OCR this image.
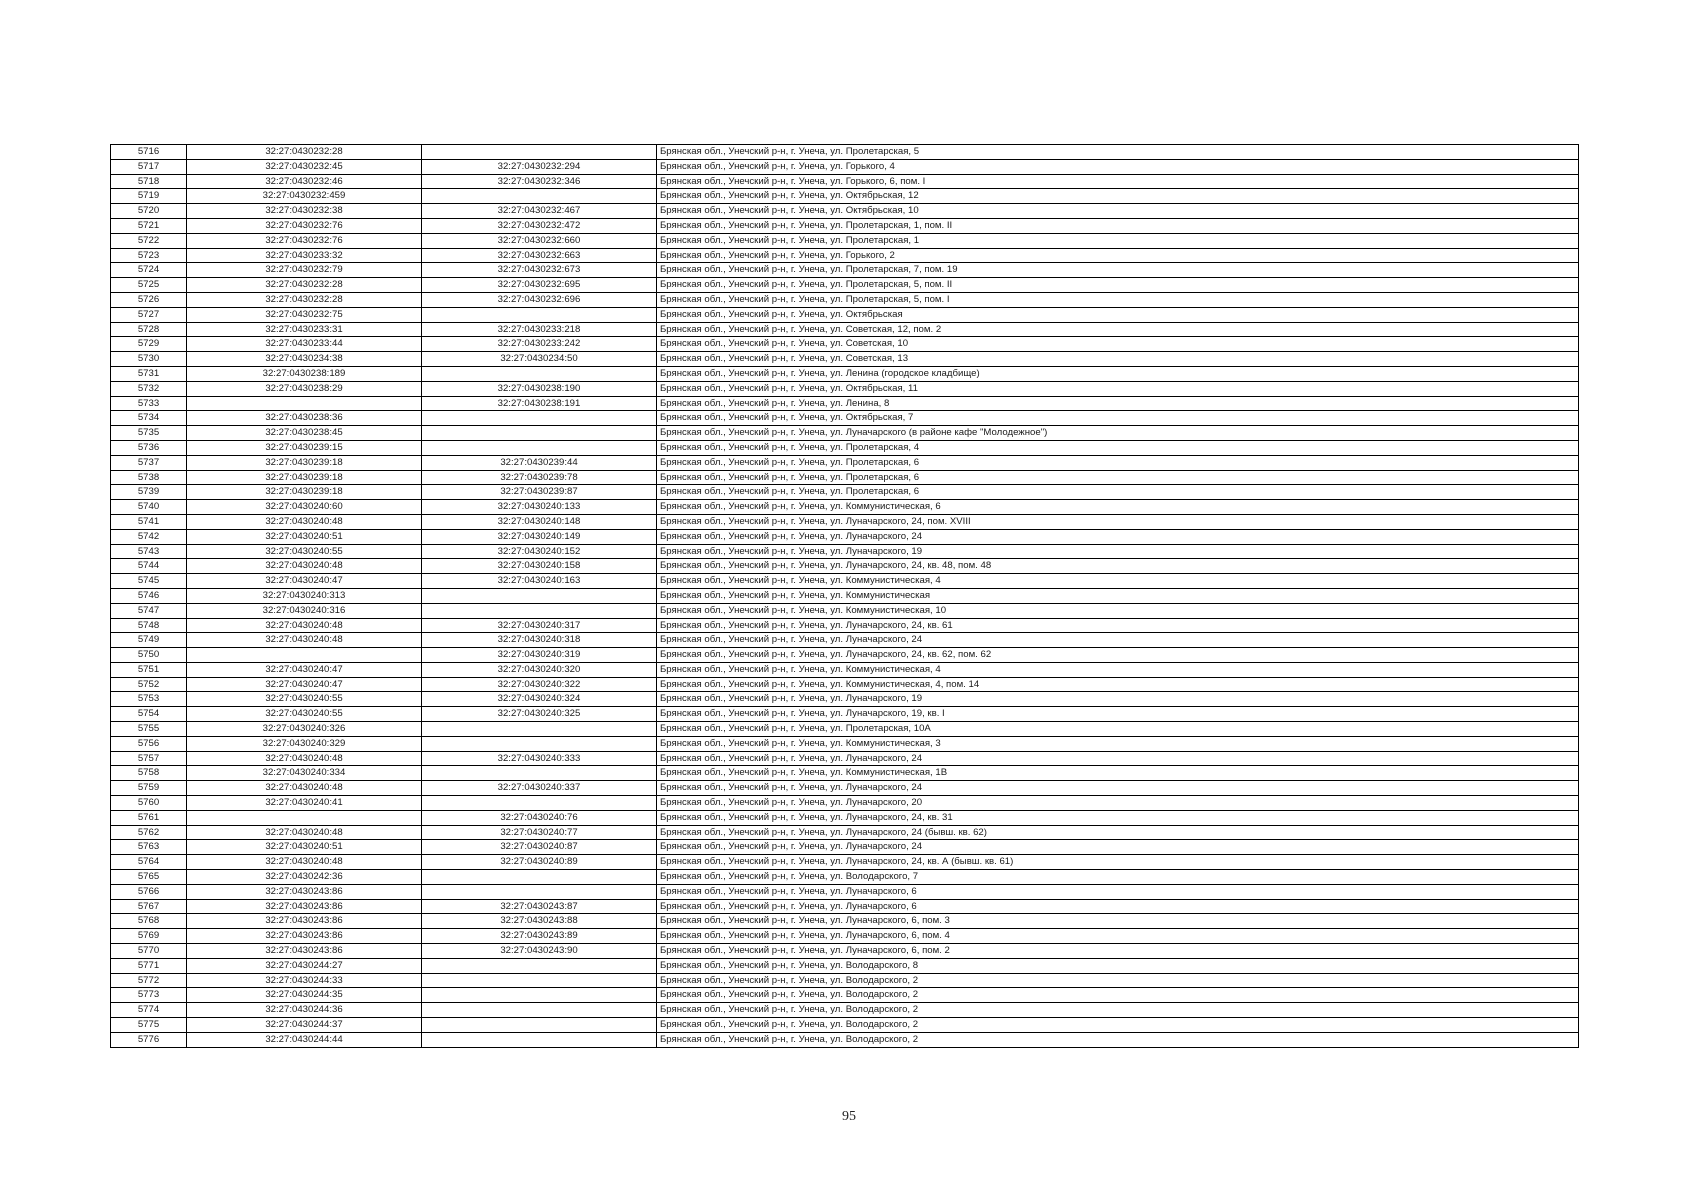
5716	32:27:0430232:28		Брянская обл., Унечский р-н, г. Унеча, ул. Пролетарская, 5
5717	32:27:0430232:45	32:27:0430232:294	Брянская обл., Унечский р-н, г. Унеча, ул. Горького, 4
5718	32:27:0430232:46	32:27:0430232:346	Брянская обл., Унечский р-н, г. Унеча, ул. Горького, 6, пом. I
5719	32:27:0430232:459		Брянская обл., Унечский р-н, г. Унеча, ул. Октябрьская, 12
5720	32:27:0430232:38	32:27:0430232:467	Брянская обл., Унечский р-н, г. Унеча, ул. Октябрьская, 10
5721	32:27:0430232:76	32:27:0430232:472	Брянская обл., Унечский р-н, г. Унеча, ул. Пролетарская, 1, пом. II
5722	32:27:0430232:76	32:27:0430232:660	Брянская обл., Унечский р-н, г. Унеча, ул. Пролетарская, 1
5723	32:27:0430233:32	32:27:0430232:663	Брянская обл., Унечский р-н, г. Унеча, ул. Горького, 2
5724	32:27:0430232:79	32:27:0430232:673	Брянская обл., Унечский р-н, г. Унеча, ул. Пролетарская, 7, пом. 19
5725	32:27:0430232:28	32:27:0430232:695	Брянская обл., Унечский р-н, г. Унеча, ул. Пролетарская, 5, пом. II
5726	32:27:0430232:28	32:27:0430232:696	Брянская обл., Унечский р-н, г. Унеча, ул. Пролетарская, 5, пом. I
5727	32:27:0430232:75		Брянская обл., Унечский р-н, г. Унеча, ул. Октябрьская
5728	32:27:0430233:31	32:27:0430233:218	Брянская обл., Унечский р-н, г. Унеча, ул. Советская, 12, пом. 2
5729	32:27:0430233:44	32:27:0430233:242	Брянская обл., Унечский р-н, г. Унеча, ул. Советская, 10
5730	32:27:0430234:38	32:27:0430234:50	Брянская обл., Унечский р-н, г. Унеча, ул. Советская, 13
5731	32:27:0430238:189		Брянская обл., Унечский р-н, г. Унеча, ул. Ленина (городское кладбище)
5732	32:27:0430238:29	32:27:0430238:190	Брянская обл., Унечский р-н, г. Унеча, ул. Октябрьская, 11
5733		32:27:0430238:191	Брянская обл., Унечский р-н, г. Унеча, ул. Ленина, 8
5734	32:27:0430238:36		Брянская обл., Унечский р-н, г. Унеча, ул. Октябрьская, 7
5735	32:27:0430238:45		Брянская обл., Унечский р-н, г. Унеча, ул. Луначарского (в районе кафе "Молодежное")
5736	32:27:0430239:15		Брянская обл., Унечский р-н, г. Унеча, ул. Пролетарская, 4
5737	32:27:0430239:18	32:27:0430239:44	Брянская обл., Унечский р-н, г. Унеча, ул. Пролетарская, 6
5738	32:27:0430239:18	32:27:0430239:78	Брянская обл., Унечский р-н, г. Унеча, ул. Пролетарская, 6
5739	32:27:0430239:18	32:27:0430239:87	Брянская обл., Унечский р-н, г. Унеча, ул. Пролетарская, 6
5740	32:27:0430240:60	32:27:0430240:133	Брянская обл., Унечский р-н, г. Унеча, ул. Коммунистическая, 6
5741	32:27:0430240:48	32:27:0430240:148	Брянская обл., Унечский р-н, г. Унеча, ул. Луначарского, 24, пом. XVIII
5742	32:27:0430240:51	32:27:0430240:149	Брянская обл., Унечский р-н, г. Унеча, ул. Луначарского, 24
5743	32:27:0430240:55	32:27:0430240:152	Брянская обл., Унечский р-н, г. Унеча, ул. Луначарского, 19
5744	32:27:0430240:48	32:27:0430240:158	Брянская обл., Унечский р-н, г. Унеча, ул. Луначарского, 24, кв. 48, пом. 48
5745	32:27:0430240:47	32:27:0430240:163	Брянская обл., Унечский р-н, г. Унеча, ул. Коммунистическая, 4
5746	32:27:0430240:313		Брянская обл., Унечский р-н, г. Унеча, ул. Коммунистическая
5747	32:27:0430240:316		Брянская обл., Унечский р-н, г. Унеча, ул. Коммунистическая, 10
5748	32:27:0430240:48	32:27:0430240:317	Брянская обл., Унечский р-н, г. Унеча, ул. Луначарского, 24, кв. 61
5749	32:27:0430240:48	32:27:0430240:318	Брянская обл., Унечский р-н, г. Унеча, ул. Луначарского, 24
5750		32:27:0430240:319	Брянская обл., Унечский р-н, г. Унеча, ул. Луначарского, 24, кв. 62, пом. 62
5751	32:27:0430240:47	32:27:0430240:320	Брянская обл., Унечский р-н, г. Унеча, ул. Коммунистическая, 4
5752	32:27:0430240:47	32:27:0430240:322	Брянская обл., Унечский р-н, г. Унеча, ул. Коммунистическая, 4, пом. 14
5753	32:27:0430240:55	32:27:0430240:324	Брянская обл., Унечский р-н, г. Унеча, ул. Луначарского, 19
5754	32:27:0430240:55	32:27:0430240:325	Брянская обл., Унечский р-н, г. Унеча, ул. Луначарского, 19, кв. I
5755	32:27:0430240:326		Брянская обл., Унечский р-н, г. Унеча, ул. Пролетарская, 10А
5756	32:27:0430240:329		Брянская обл., Унечский р-н, г. Унеча, ул. Коммунистическая, 3
5757	32:27:0430240:48	32:27:0430240:333	Брянская обл., Унечский р-н, г. Унеча, ул. Луначарского, 24
5758	32:27:0430240:334		Брянская обл., Унечский р-н, г. Унеча, ул. Коммунистическая, 1В
5759	32:27:0430240:48	32:27:0430240:337	Брянская обл., Унечский р-н, г. Унеча, ул. Луначарского, 24
5760	32:27:0430240:41		Брянская обл., Унечский р-н, г. Унеча, ул. Луначарского, 20
5761		32:27:0430240:76	Брянская обл., Унечский р-н, г. Унеча, ул. Луначарского, 24, кв. 31
5762	32:27:0430240:48	32:27:0430240:77	Брянская обл., Унечский р-н, г. Унеча, ул. Луначарского, 24 (бывш. кв. 62)
5763	32:27:0430240:51	32:27:0430240:87	Брянская обл., Унечский р-н, г. Унеча, ул. Луначарского, 24
5764	32:27:0430240:48	32:27:0430240:89	Брянская обл., Унечский р-н, г. Унеча, ул. Луначарского, 24, кв. А (бывш. кв. 61)
5765	32:27:0430242:36		Брянская обл., Унечский р-н, г. Унеча, ул. Володарского, 7
5766	32:27:0430243:86		Брянская обл., Унечский р-н, г. Унеча, ул. Луначарского, 6
5767	32:27:0430243:86	32:27:0430243:87	Брянская обл., Унечский р-н, г. Унеча, ул. Луначарского, 6
5768	32:27:0430243:86	32:27:0430243:88	Брянская обл., Унечский р-н, г. Унеча, ул. Луначарского, 6, пом. 3
5769	32:27:0430243:86	32:27:0430243:89	Брянская обл., Унечский р-н, г. Унеча, ул. Луначарского, 6, пом. 4
5770	32:27:0430243:86	32:27:0430243:90	Брянская обл., Унечский р-н, г. Унеча, ул. Луначарского, 6, пом. 2
5771	32:27:0430244:27		Брянская обл., Унечский р-н, г. Унеча, ул. Володарского, 8
5772	32:27:0430244:33		Брянская обл., Унечский р-н, г. Унеча, ул. Володарского, 2
5773	32:27:0430244:35		Брянская обл., Унечский р-н, г. Унеча, ул. Володарского, 2
5774	32:27:0430244:36		Брянская обл., Унечский р-н, г. Унеча, ул. Володарского, 2
5775	32:27:0430244:37		Брянская обл., Унечский р-н, г. Унеча, ул. Володарского, 2
5776	32:27:0430244:44		Брянская обл., Унечский р-н, г. Унеча, ул. Володарского, 2
95
